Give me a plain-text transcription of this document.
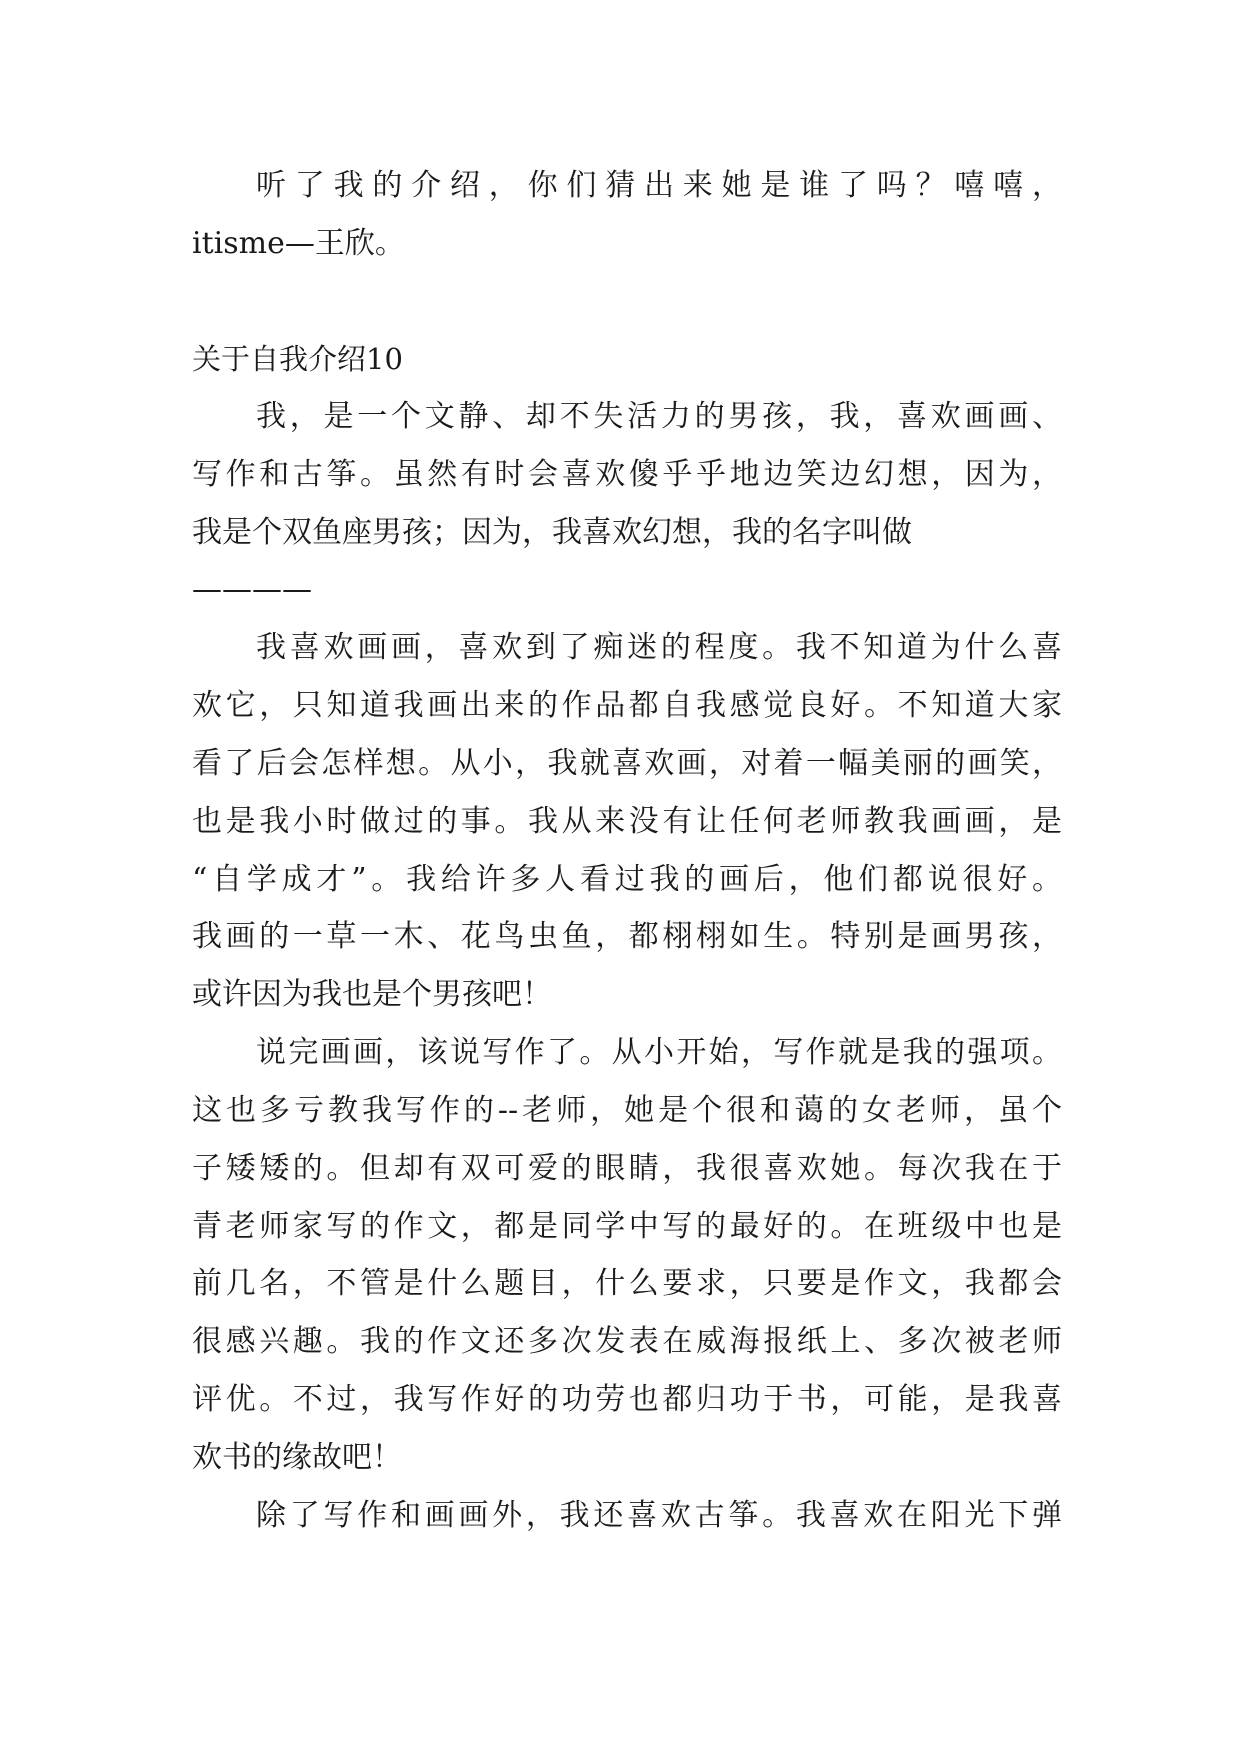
听了我的介绍，你们猜出来她是谁了吗？嘻嘻，
itisme—王欣。
关于自我介绍10
我，是一个文静、却不失活力的男孩，我，喜欢画画、
写作和古筝。虽然有时会喜欢傻乎乎地边笑边幻想，因为，
我是个双鱼座男孩；因为，我喜欢幻想，我的名字叫做
————
我喜欢画画，喜欢到了痴迷的程度。我不知道为什么喜
欢它，只知道我画出来的作品都自我感觉良好。不知道大家
看了后会怎样想。从小，我就喜欢画，对着一幅美丽的画笑，
也是我小时做过的事。我从来没有让任何老师教我画画，是
“自学成才”。我给许多人看过我的画后，他们都说很好。
我画的一草一木、花鸟虫鱼，都栩栩如生。特别是画男孩，
或许因为我也是个男孩吧！
说完画画，该说写作了。从小开始，写作就是我的强项。
这也多亏教我写作的--老师，她是个很和蔼的女老师，虽个
子矮矮的。但却有双可爱的眼睛，我很喜欢她。每次我在于
青老师家写的作文，都是同学中写的最好的。在班级中也是
前几名，不管是什么题目，什么要求，只要是作文，我都会
很感兴趣。我的作文还多次发表在威海报纸上、多次被老师
评优。不过，我写作好的功劳也都归功于书，可能，是我喜
欢书的缘故吧！
除了写作和画画外，我还喜欢古筝。我喜欢在阳光下弹
